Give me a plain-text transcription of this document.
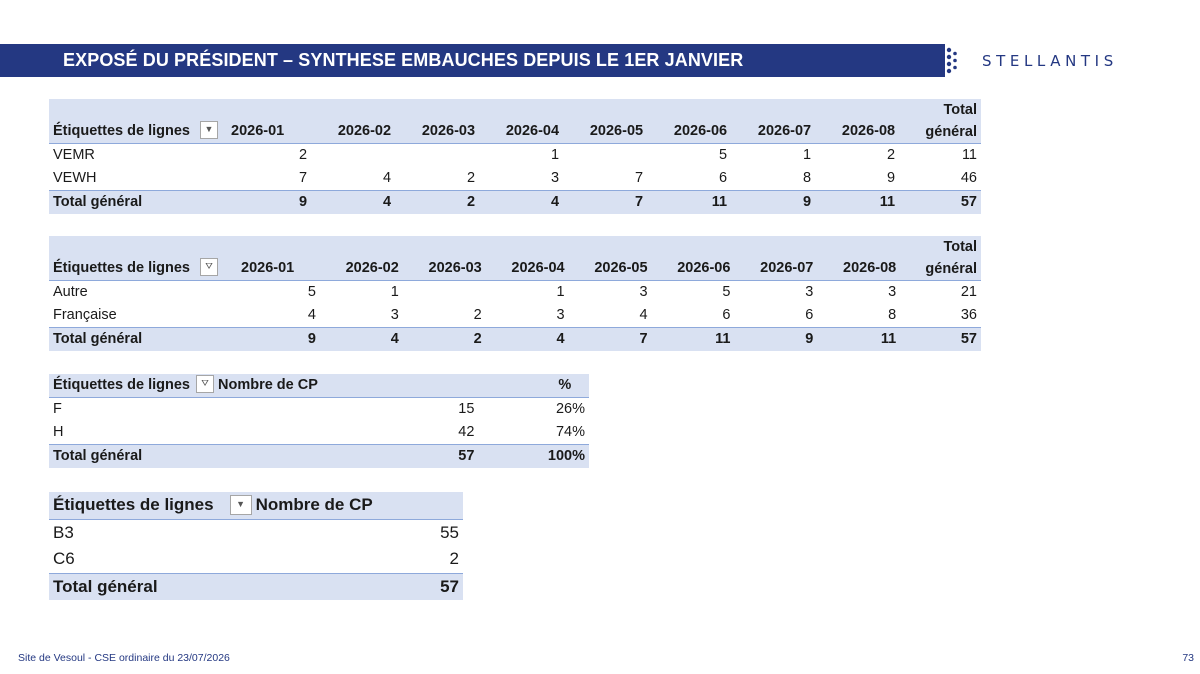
EXPOSÉ DU PRÉSIDENT – SYNTHESE EMBAUCHES DEPUIS LE 1ER JANVIER	STELLANTIS
Étiquettes de lignes ▼	2026-01	2026-02	2026-03	2026-04	2026-05	2026-06	2026-07	2026-08	Total
général

VEMR	2			1		5	1	2	11
VEWH	7	4	2	3	7	6	8	9	46
Total général	9	4	2	4	7	11	9	11	57
Étiquettes de lignes ⛛	2026-01	2026-02	2026-03	2026-04	2026-05	2026-06	2026-07	2026-08	Total
général

Autre	5	1		1	3	5	3	3	21
Française	4	3	2	3	4	6	6	8	36
Total général	9	4	2	4	7	11	9	11	57
Étiquettes de lignes ⛛ Nombre de CP		%
F	15	26%
H	42	74%
Total général	57	100%
Étiquettes de lignes ▼ Nombre de CP	
B3	55
C6	2
Total général	57
Site de Vesoul - CSE ordinaire du 23/07/2026	73
